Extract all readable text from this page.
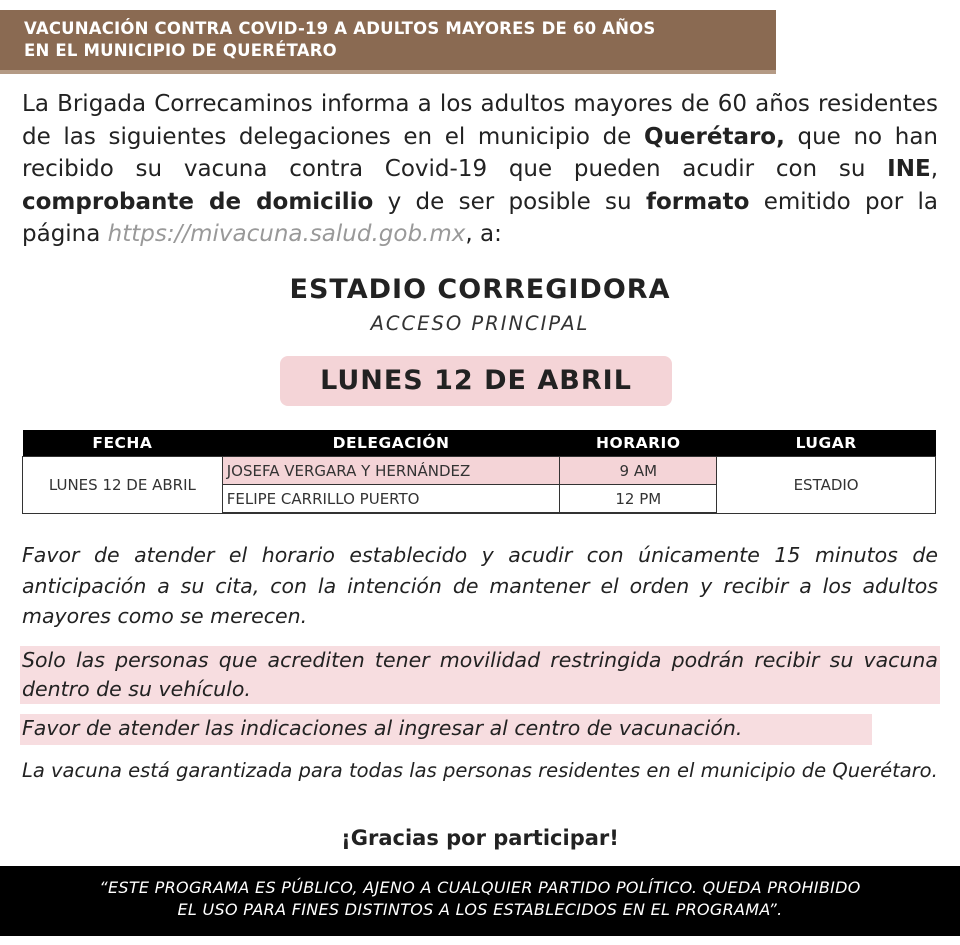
VACUNACIÓN CONTRA COVID-19 A ADULTOS MAYORES DE 60 AÑOS
EN EL MUNICIPIO DE QUERÉTARO
La Brigada Correcaminos informa a los adultos mayores de 60 años residentes de las siguientes delegaciones en el municipio de Querétaro, que no han recibido su vacuna contra Covid-19 que pueden acudir con su INE, comprobante de domicilio y de ser posible su formato emitido por la página https://mivacuna.salud.gob.mx, a:
ESTADIO CORREGIDORA
ACCESO PRINCIPAL
LUNES 12 DE ABRIL
FECHA	DELEGACIÓN	HORARIO	LUGAR
LUNES 12 DE ABRIL	JOSEFA VERGARA Y HERNÁNDEZ	9 AM	ESTADIO
	FELIPE CARRILLO PUERTO	12 PM	
Favor de atender el horario establecido y acudir con únicamente 15 minutos de anticipación a su cita, con la intención de mantener el orden y recibir a los adultos mayores como se merecen.
Solo las personas que acrediten tener movilidad restringida podrán recibir su vacuna dentro de su vehículo.
Favor de atender las indicaciones al ingresar al centro de vacunación.
La vacuna está garantizada para todas las personas residentes en el municipio de Querétaro.
¡Gracias por participar!
“ESTE PROGRAMA ES PÚBLICO, AJENO A CUALQUIER PARTIDO POLÍTICO. QUEDA PROHIBIDO
EL USO PARA FINES DISTINTOS A LOS ESTABLECIDOS EN EL PROGRAMA”.
